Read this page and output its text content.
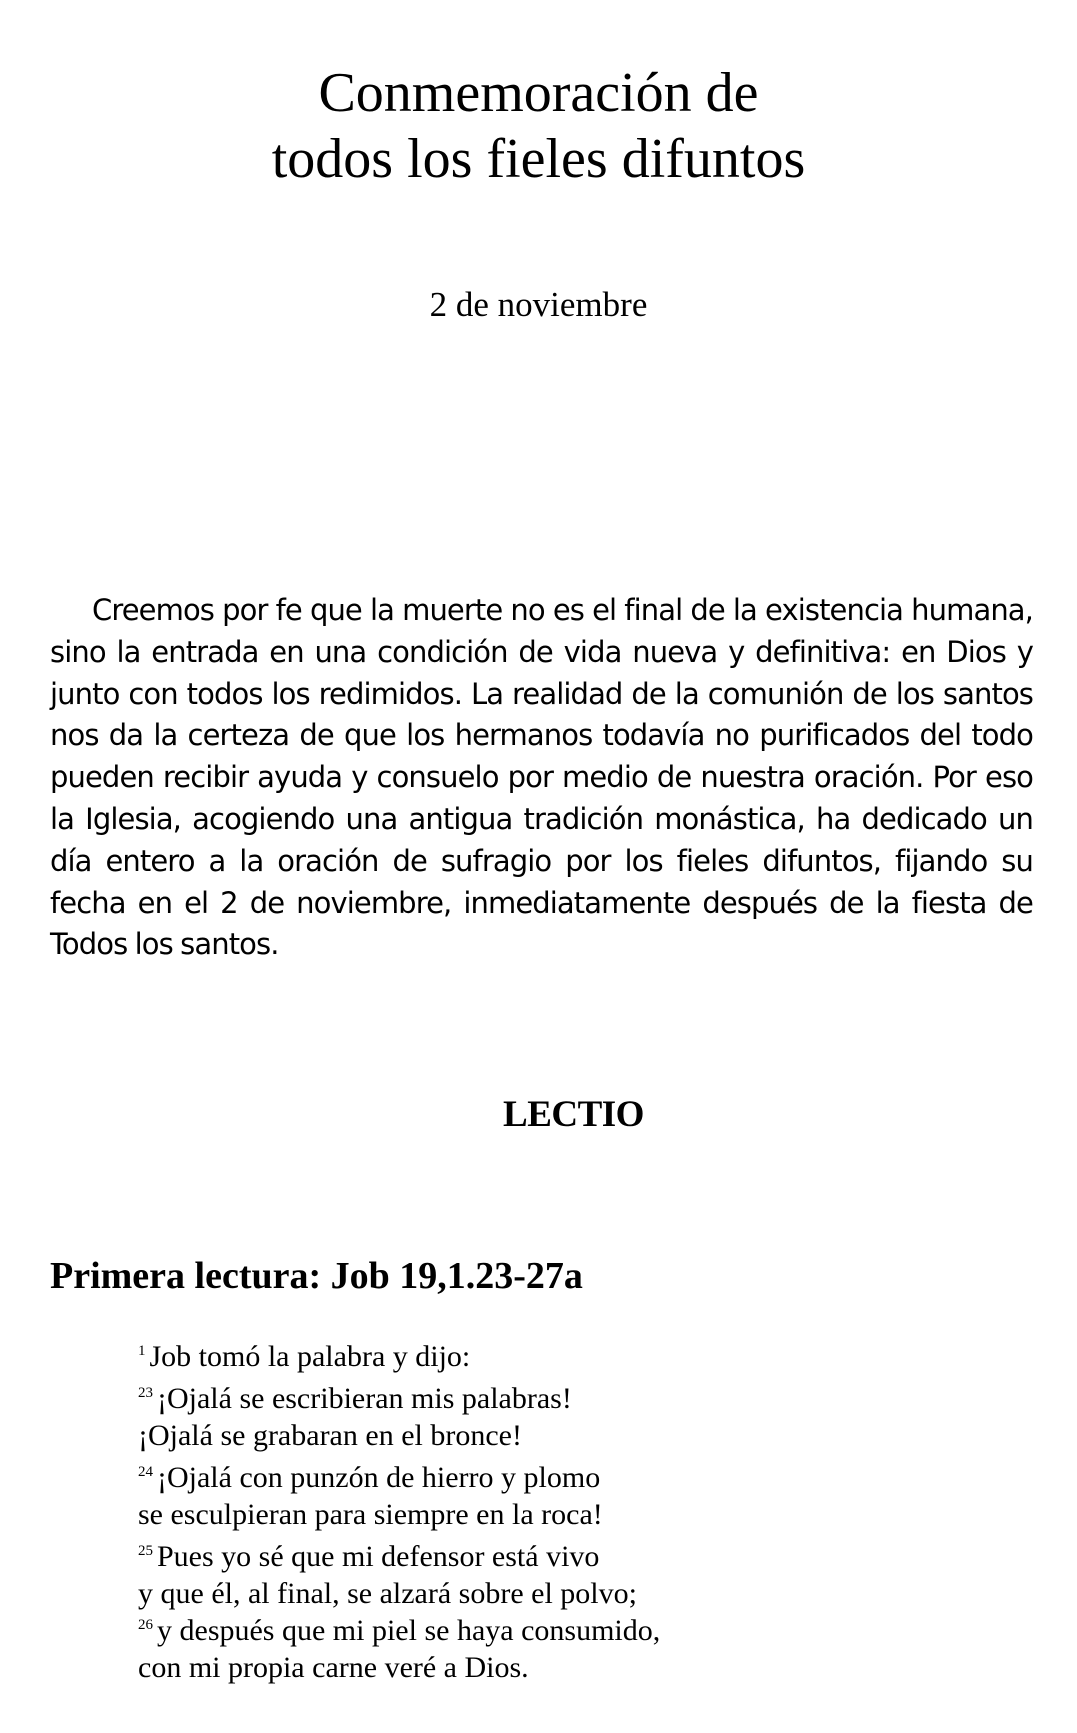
Conmemoración de
todos los fieles difuntos
2 de noviembre

Creemos por fe que la muerte no es el final de la existencia humana, sino la entrada en una condición de vida nueva y definitiva: en Dios y junto con todos los redimidos. La realidad de la comunión de los santos nos da la certeza de que los hermanos todavía no purificados del todo pueden recibir ayuda y consuelo por medio de nuestra oración. Por eso la Iglesia, acogiendo una antigua tradición monástica, ha dedicado un día entero a la oración de sufragio por los fieles difuntos, fijando su fecha en el 2 de noviembre, inmediatamente después de la fiesta de Todos los santos.

LECTIO
Primera lectura: Job 19,1.23-27a
$^1$ Job tomó la palabra y dijo:
$^{23}$ ¡Ojalá se escribieran mis palabras!
¡Ojalá se grabaran en el bronce!
$^{24}$ ¡Ojalá con punzón de hierro y plomo
se esculpieran para siempre en la roca!
$^{25}$ Pues yo sé que mi defensor está vivo
y que él, al final, se alzará sobre el polvo;
$^{26}$ y después que mi piel se haya consumido,
con mi propia carne veré a Dios.
